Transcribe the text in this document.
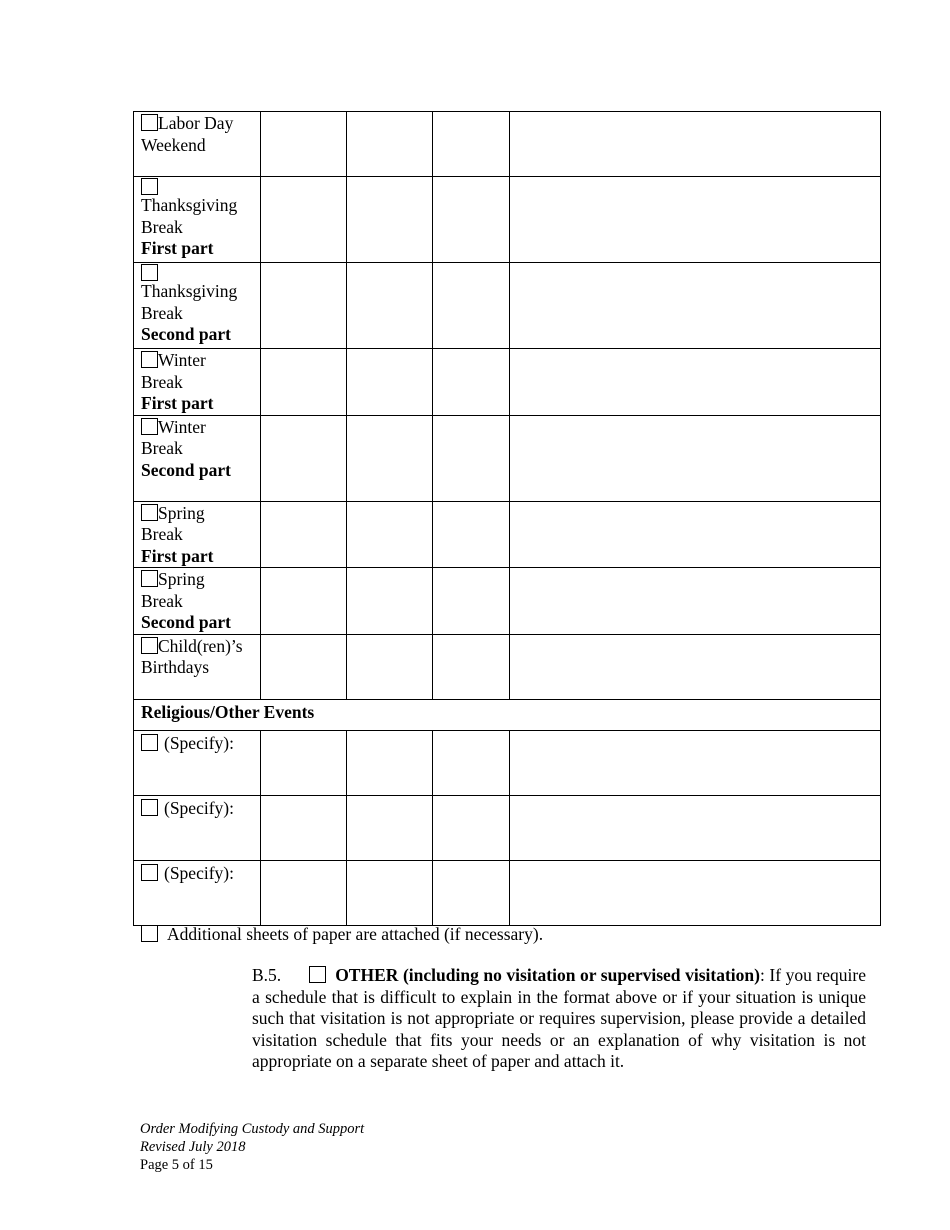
Labor Day
Weekend

Thanksgiving
Break
First part				

Thanksgiving
Break
Second part				
Winter
Break
First part				
Winter
Break
Second part				
Spring
Break
First part				
Spring
Break
Second part				
Child(ren)’s
Birthdays

Religious/Other Events				
(Specify):				
(Specify):				
(Specify):				
Additional sheets of paper are attached (if necessary).
B.5.	OTHER (including no visitation or supervised visitation): If you require a schedule that is difficult to explain in the format above or if your situation is unique such that visitation is not appropriate or requires supervision, please provide a detailed visitation schedule that fits your needs or an explanation of why visitation is not appropriate on a separate sheet of paper and attach it.
Order Modifying Custody and Support
Revised July 2018
Page 5 of 15
